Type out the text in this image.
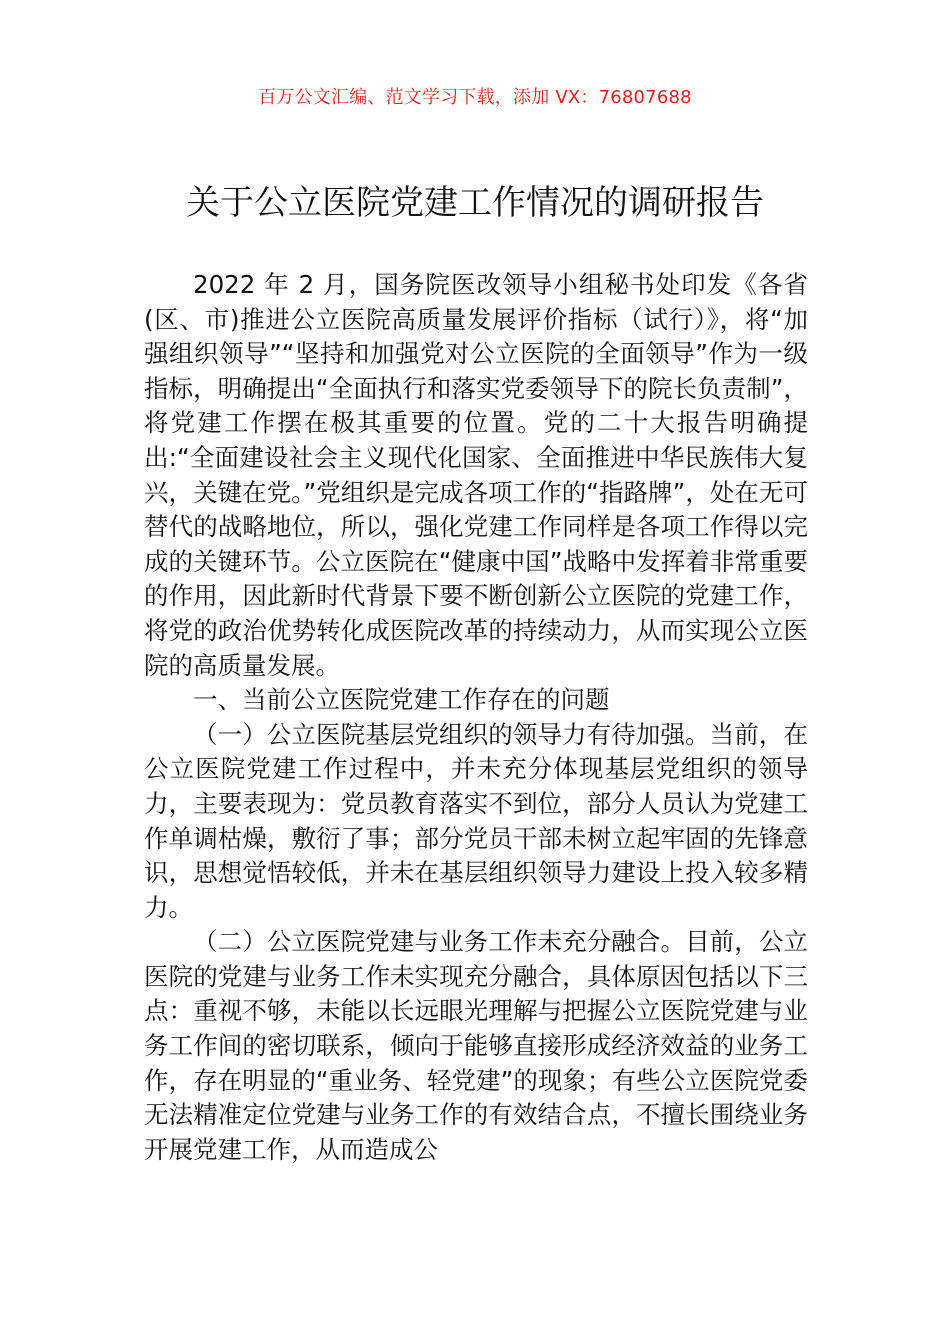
百万公文汇编、范文学习下载，添加 VX：76807688
关于公立医院党建工作情况的调研报告

2022 年 2 月，国务院医改领导小组秘书处印发《各省(区、市)推进公立医院高质量发展评价指标（试行）》，将“加强组织领导”“坚持和加强党对公立医院的全面领导”作为一级指标，明确提出“全面执行和落实党委领导下的院长负责制”，将党建工作摆在极其重要的位置。党的二十大报告明确提出:“全面建设社会主义现代化国家、全面推进中华民族伟大复兴，关键在党。”党组织是完成各项工作的“指路牌”，处在无可替代的战略地位，所以，强化党建工作同样是各项工作得以完成的关键环节。公立医院在“健康中国”战略中发挥着非常重要的作用，因此新时代背景下要不断创新公立医院的党建工作，将党的政治优势转化成医院改革的持续动力，从而实现公立医院的高质量发展。

一、当前公立医院党建工作存在的问题

（一）公立医院基层党组织的领导力有待加强。当前，在公立医院党建工作过程中，并未充分体现基层党组织的领导力，主要表现为：党员教育落实不到位，部分人员认为党建工作单调枯燥，敷衍了事；部分党员干部未树立起牢固的先锋意识，思想觉悟较低，并未在基层组织领导力建设上投入较多精力。

（二）公立医院党建与业务工作未充分融合。目前，公立医院的党建与业务工作未实现充分融合，具体原因包括以下三点：重视不够，未能以长远眼光理解与把握公立医院党建与业务工作间的密切联系，倾向于能够直接形成经济效益的业务工作，存在明显的“重业务、轻党建”的现象；有些公立医院党委无法精准定位党建与业务工作的有效结合点，不擅长围绕业务开展党建工作，从而造成公
